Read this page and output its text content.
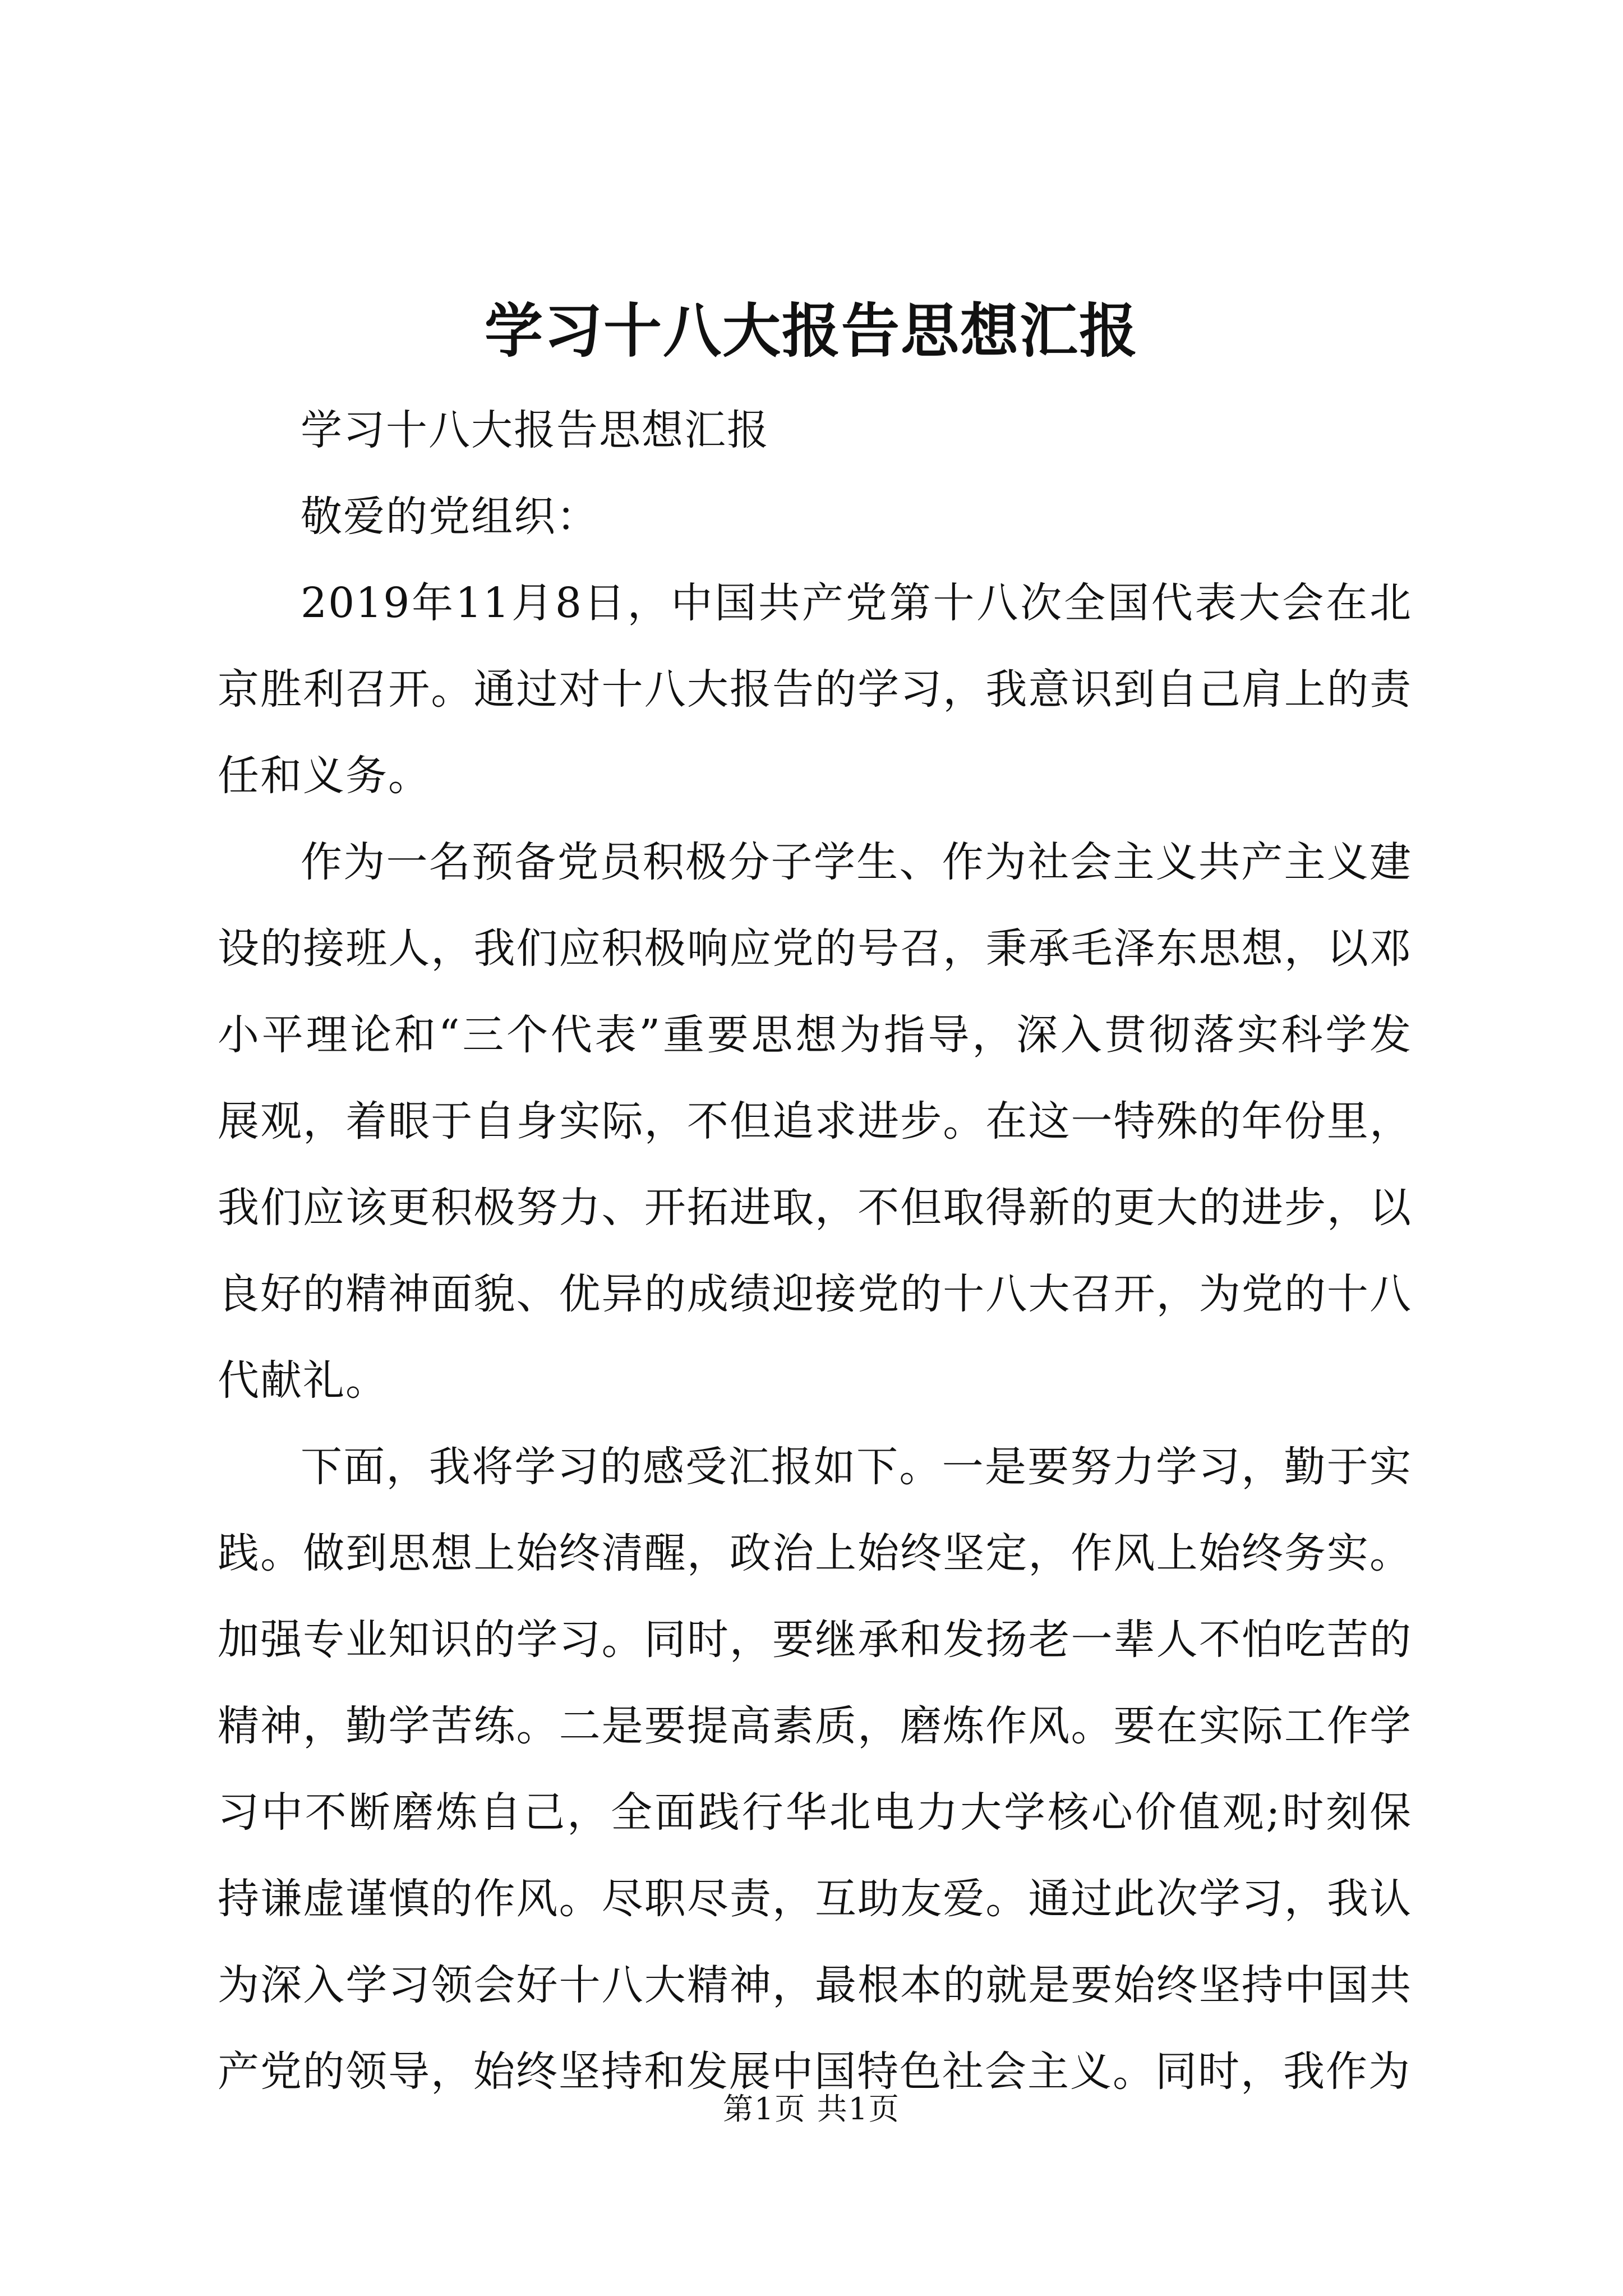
学习十八大报告思想汇报

学习十八大报告思想汇报

敬爱的党组织：

2019年11月8日，中国共产党第十八次全国代表大会在北京胜利召开。通过对十八大报告的学习，我意识到自己肩上的责任和义务。

作为一名预备党员积极分子学生、作为社会主义共产主义建设的接班人，我们应积极响应党的号召，秉承毛泽东思想，以邓小平理论和“三个代表”重要思想为指导，深入贯彻落实科学发展观，着眼于自身实际，不但追求进步。在这一特殊的年份里，我们应该更积极努力、开拓进取，不但取得新的更大的进步，以良好的精神面貌、优异的成绩迎接党的十八大召开，为党的十八代献礼。

下面，我将学习的感受汇报如下。一是要努力学习，勤于实践。做到思想上始终清醒，政治上始终坚定，作风上始终务实。加强专业知识的学习。同时，要继承和发扬老一辈人不怕吃苦的精神，勤学苦练。二是要提高素质，磨炼作风。要在实际工作学习中不断磨炼自己，全面践行华北电力大学核心价值观;时刻保持谦虚谨慎的作风。尽职尽责，互助友爱。通过此次学习，我认为深入学习领会好十八大精神，最根本的就是要始终坚持中国共产党的领导，始终坚持和发展中国特色社会主义。同时，我作为

第1页 共1页
